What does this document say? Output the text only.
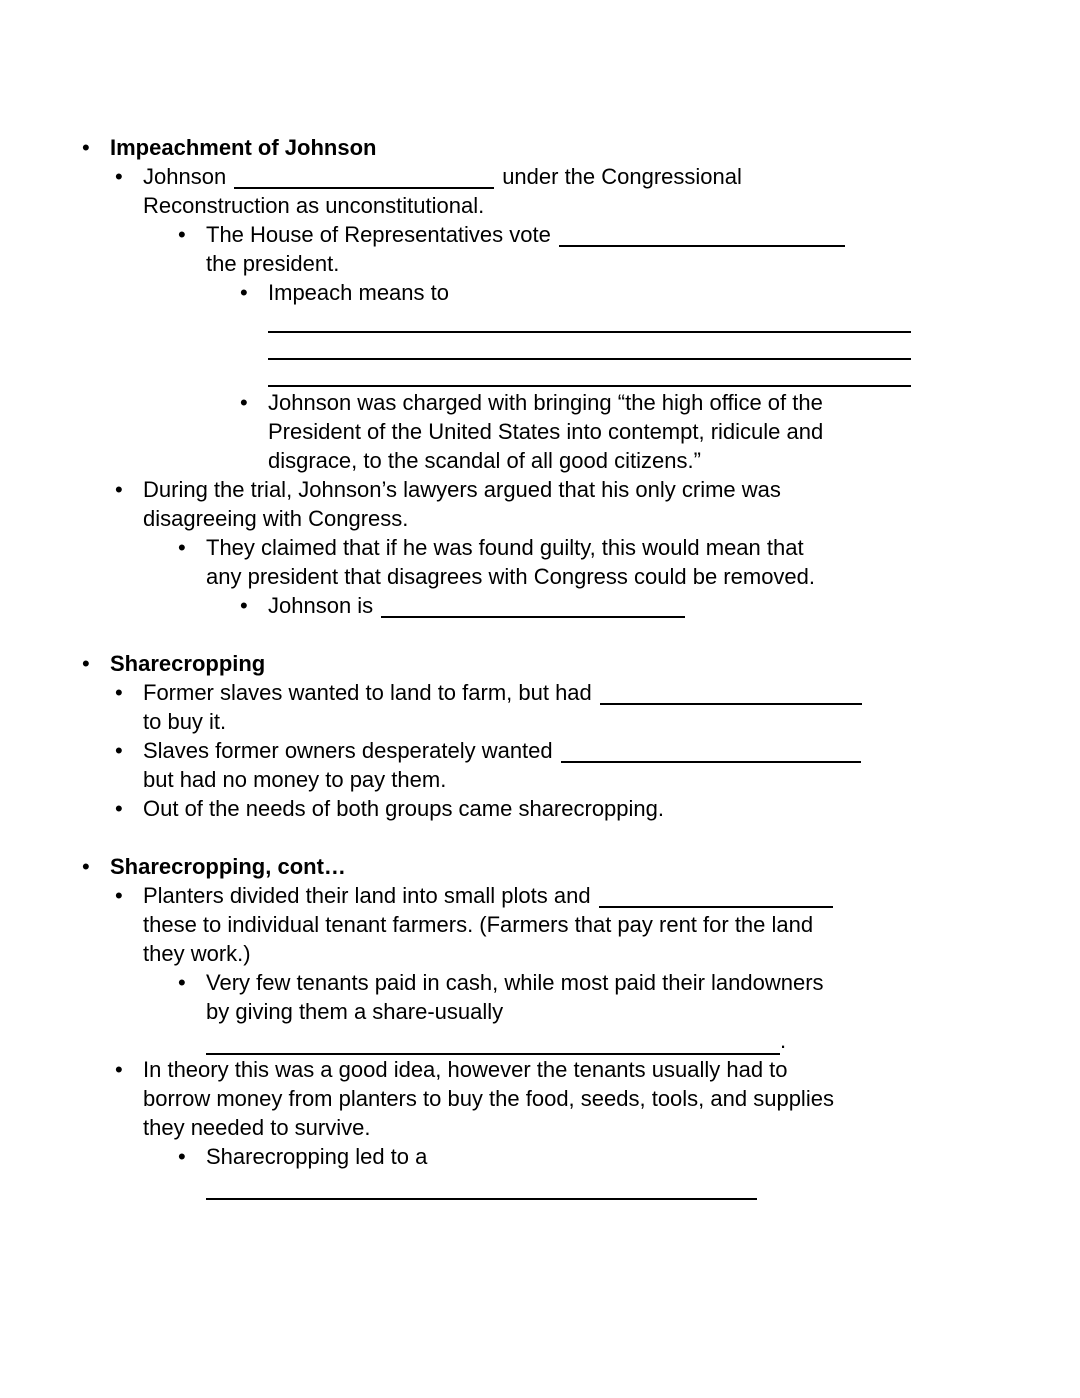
• Impeachment of Johnson
• Johnson	under the Congressional
Reconstruction as unconstitutional.
• The House of Representatives vote
the president.
• Impeach means to
• Johnson was charged with bringing “the high office of the
President of the United States into contempt, ridicule and
disgrace, to the scandal of all good citizens.”
• During the trial, Johnson’s lawyers argued that his only crime was
disagreeing with Congress.
• They claimed that if he was found guilty, this would mean that
any president that disagrees with Congress could be removed.
• Johnson is
• Sharecropping
• Former slaves wanted to land to farm, but had
to buy it.
• Slaves former owners desperately wanted
but had no money to pay them.
• Out of the needs of both groups came sharecropping.
• Sharecropping, cont…
• Planters divided their land into small plots and
these to individual tenant farmers. (Farmers that pay rent for the land
they work.)
• Very few tenants paid in cash, while most paid their landowners
by giving them a share-usually
.
• In theory this was a good idea, however the tenants usually had to
borrow money from planters to buy the food, seeds, tools, and supplies
they needed to survive.
• Sharecropping led to a
